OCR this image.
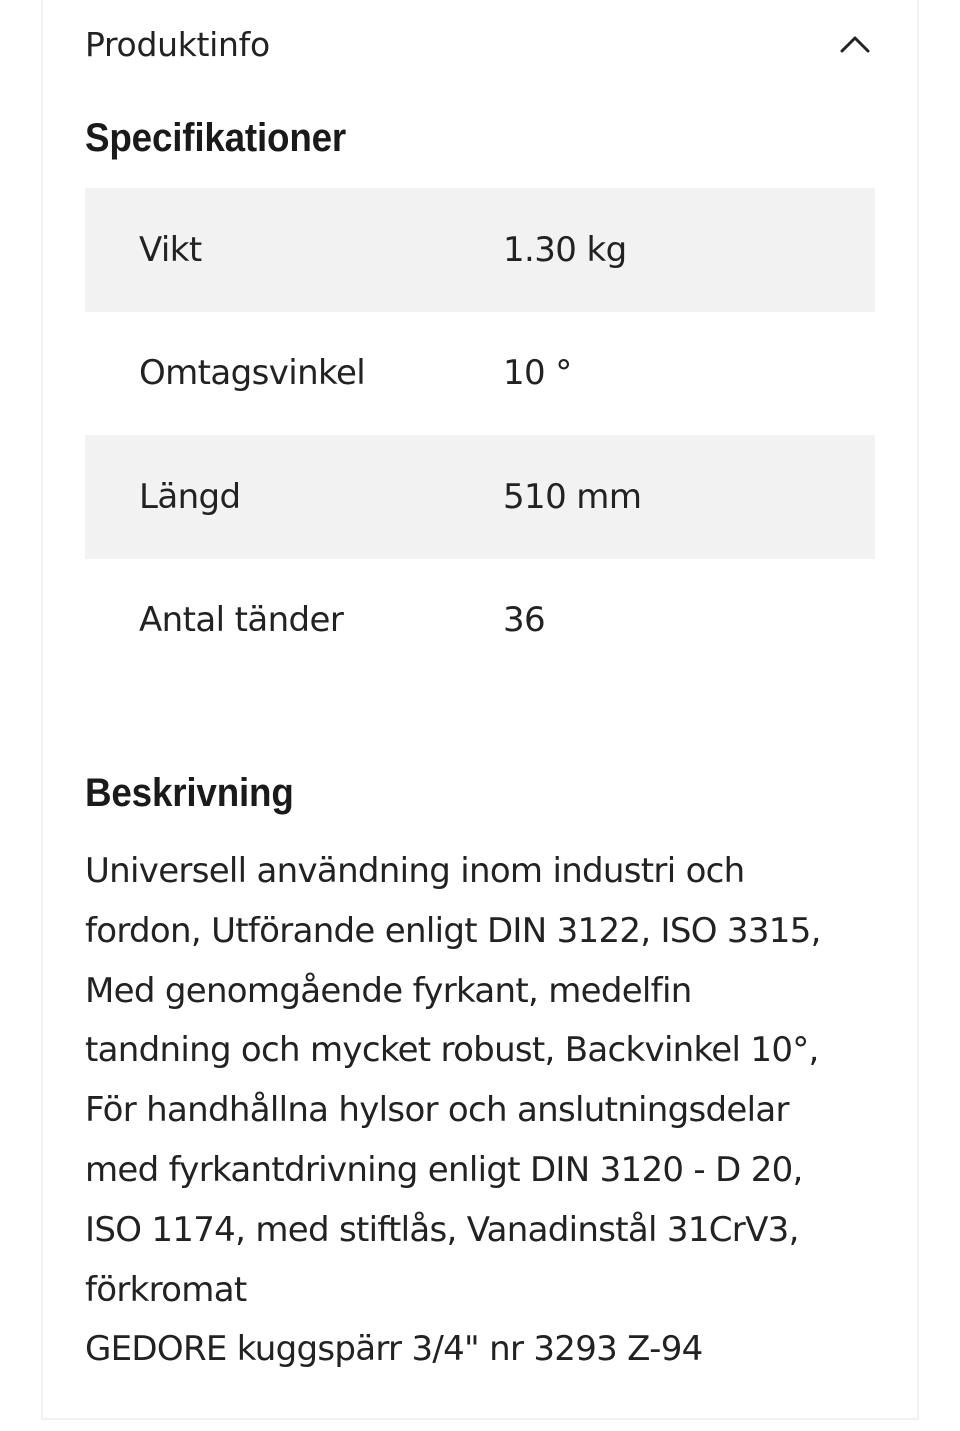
Produktinfo
Specifikationer
Vikt	1.30 kg
Omtagsvinkel	10 °
Längd	510 mm
Antal tänder	36
Beskrivning
Universell användning inom industri och
fordon, Utförande enligt DIN 3122, ISO 3315,
Med genomgående fyrkant, medelfin
tandning och mycket robust, Backvinkel 10°,
För handhållna hylsor och anslutningsdelar
med fyrkantdrivning enligt DIN 3120 - D 20,
ISO 1174, med stiftlås, Vanadinstål 31CrV3,
förkromat
GEDORE kuggspärr 3/4" nr 3293 Z-94
